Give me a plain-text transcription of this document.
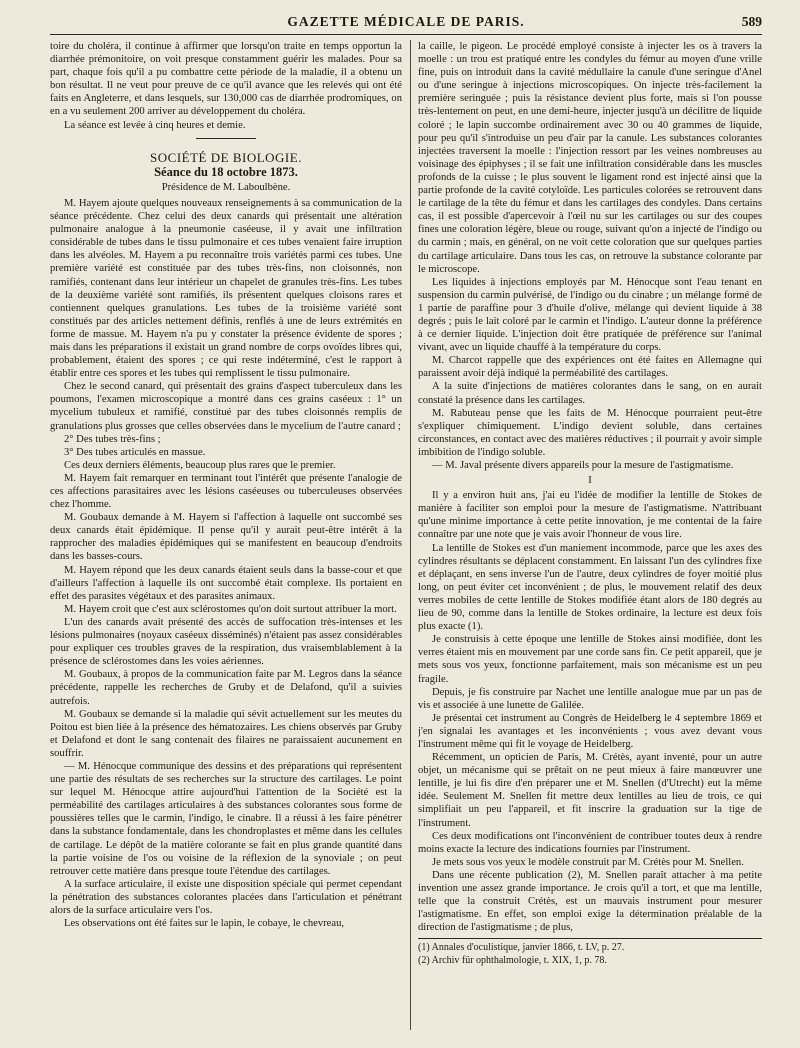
GAZETTE MÉDICALE DE PARIS.	589

toire du choléra, il continue à affirmer que lorsqu'on traite en temps opportun la diarrhée prémonitoire, on voit presque constamment guérir les malades. Pour sa part, chaque fois qu'il a pu combattre cette période de la maladie, il a obtenu un bon résultat. Il ne veut pour preuve de ce qu'il avance que les relevés qui ont été faits en Angleterre, et dans lesquels, sur 130,000 cas de diarrhée prodromiques, on en a vu seulement 200 arriver au développement du choléra.

La séance est levée à cinq heures et demie.

SOCIÉTÉ DE BIOLOGIE.
Séance du 18 octobre 1873.
Présidence de M. Laboulbène.

M. Hayem ajoute quelques nouveaux renseignements à sa communication de la séance précédente. Chez celui des deux canards qui présentait une altération pulmonaire analogue à la pneumonie caséeuse, il y avait une infiltration considérable de tubes dans le tissu pulmonaire et ces tubes venaient faire irruption dans les alvéoles. M. Hayem a pu reconnaître trois variétés parmi ces tubes. Une première variété est constituée par des tubes très-fins, non cloisonnés, non ramifiés, contenant dans leur intérieur un chapelet de granules très-fins. Les tubes de la deuxième variété sont ramifiés, ils présentent quelques cloisons rares et contiennent quelques granulations. Les tubes de la troisième variété sont constitués par des articles nettement définis, renflés à une de leurs extrémités en forme de massue. M. Hayem n'a pu y constater la présence évidente de spores ; mais dans les préparations il existait un grand nombre de corps ovoïdes libres qui, probablement, étaient des spores ; ce qui reste indéterminé, c'est le rapport à établir entre ces spores et les tubes qui remplissent le tissu pulmonaire.

Chez le second canard, qui présentait des grains d'aspect tuberculeux dans les poumons, l'examen microscopique a montré dans ces grains caséeux : 1° un mycelium tubuleux et ramifié, constitué par des tubes cloisonnés remplis de granulations plus grosses que celles observées dans le mycelium de l'autre canard ;

2° Des tubes très-fins ;

3° Des tubes articulés en massue.

Ces deux derniers éléments, beaucoup plus rares que le premier.

M. Hayem fait remarquer en terminant tout l'intérêt que présente l'analogie de ces affections parasitaires avec les lésions caséeuses ou tuberculeuses observées chez l'homme.

M. Goubaux demande à M. Hayem si l'affection à laquelle ont succombé ses deux canards était épidémique. Il pense qu'il y aurait peut-être intérêt à la rapprocher des maladies épidémiques qui se manifestent en beaucoup d'endroits dans les basses-cours.

M. Hayem répond que les deux canards étaient seuls dans la basse-cour et que d'ailleurs l'affection à laquelle ils ont succombé était complexe. Ils portaient en effet des parasites végétaux et des parasites animaux.

M. Hayem croit que c'est aux sclérostomes qu'on doit surtout attribuer la mort.

L'un des canards avait présenté des accès de suffocation très-intenses et les lésions pulmonaires (noyaux caséeux disséminés) n'étaient pas assez considérables pour expliquer ces troubles graves de la respiration, dus vraisemblablement à la présence de sclérostomes dans les voies aériennes.

M. Goubaux, à propos de la communication faite par M. Legros dans la séance précédente, rappelle les recherches de Gruby et de Delafond, qu'il a suivies autrefois.

M. Goubaux se demande si la maladie qui sévit actuellement sur les meutes du Poitou est bien liée à la présence des hématozaires. Les chiens observés par Gruby et Delafond et dont le sang contenait des filaires ne paraissaient aucunement en souffrir.

— M. Hénocque communique des dessins et des préparations qui représentent une partie des résultats de ses recherches sur la structure des cartilages. Le point sur lequel M. Hénocque attire aujourd'hui l'attention de la Société est la perméabilité des cartilages articulaires à des substances colorantes sous forme de poussières telles que le carmin, l'indigo, le cinabre. Il a réussi à les faire pénétrer dans la substance fondamentale, dans les chondroplastes et même dans les cellules de cartilage. Le dépôt de la matière colorante se fait en plus grande quantité dans la partie voisine de l'os ou voisine de la réflexion de la synoviale ; on peut retrouver cette matière dans presque toute l'étendue des cartilages.

A la surface articulaire, il existe une disposition spéciale qui permet cependant la pénétration des substances colorantes placées dans l'articulation et pénétrant alors de la surface articulaire vers l'os.

Les observations ont été faites sur le lapin, le cobaye, le chevreau,

la caille, le pigeon. Le procédé employé consiste à injecter les os à travers la moelle : un trou est pratiqué entre les condyles du fémur au moyen d'une vrille fine, puis on introduit dans la cavité médullaire la canule d'une seringue d'Anel ou d'une seringue à injections microscopiques. On injecte très-facilement la première seringuée ; puis la résistance devient plus forte, mais si l'on pousse très-lentement on peut, en une demi-heure, injecter jusqu'à un décilitre de liquide coloré ; le lapin succombe ordinairement avec 30 ou 40 grammes de liquide, pour peu qu'il s'introduise un peu d'air par la canule. Les substances colorantes injectées traversent la moelle : l'injection ressort par les veines nombreuses au voisinage des épiphyses ; il se fait une infiltration considérable dans les muscles profonds de la cuisse ; le plus souvent le ligament rond est injecté ainsi que la partie profonde de la cavité cotyloïde. Les particules colorées se retrouvent dans le cartilage de la tête du fémur et dans les cartilages des condyles. Dans certains cas, il est possible d'apercevoir à l'œil nu sur les cartilages ou sur des coupes fines une coloration légère, bleue ou rouge, suivant qu'on a injecté de l'indigo ou du carmin ; mais, en général, on ne voit cette coloration que sur quelques parties du cartilage articulaire. Dans tous les cas, on retrouve la substance colorante par le microscope.

Les liquides à injections employés par M. Hénocque sont l'eau tenant en suspension du carmin pulvérisé, de l'indigo ou du cinabre ; un mélange formé de 1 partie de paraffine pour 3 d'huile d'olive, mélange qui devient liquide à 38 degrés ; puis le lait coloré par le carmin et l'indigo. L'auteur donne la préférence à ce dernier liquide. L'injection doit être pratiquée de préférence sur l'animal vivant, avec un liquide chauffé à la température du corps.

M. Charcot rappelle que des expériences ont été faites en Allemagne qui paraissent avoir déjà indiqué la perméabilité des cartilages.

A la suite d'injections de matières colorantes dans le sang, on en aurait constaté la présence dans les cartilages.

M. Rabuteau pense que les faits de M. Hénocque pourraient peut-être s'expliquer chimiquement. L'indigo devient soluble, dans certaines circonstances, en contact avec des matières réductives ; il pourrait y avoir simple imbibition de l'indigo soluble.

— M. Javal présente divers appareils pour la mesure de l'astigmatisme.

I

Il y a environ huit ans, j'ai eu l'idée de modifier la lentille de Stokes de manière à faciliter son emploi pour la mesure de l'astigmatisme. N'attribuant qu'une minime importance à cette petite innovation, je me contentai de la faire connaître par une note que je vais avoir l'honneur de vous lire.

La lentille de Stokes est d'un maniement incommode, parce que les axes des cylindres résultants se déplacent constamment. En laissant l'un des cylindres fixe et déplaçant, en sens inverse l'un de l'autre, deux cylindres de foyer moitié plus long, on peut éviter cet inconvénient ; de plus, le mouvement relatif des deux verres mobiles de cette lentille de Stokes modifiée étant alors de 180 degrés au lieu de 90, comme dans la lentille de Stokes ordinaire, la lecture est deux fois plus exacte (1).

Je construisis à cette époque une lentille de Stokes ainsi modifiée, dont les verres étaient mis en mouvement par une corde sans fin. Ce petit appareil, que je mets sous vos yeux, fonctionne parfaitement, mais son mécanisme est un peu fragile.

Depuis, je fis construire par Nachet une lentille analogue mue par un pas de vis et associée à une lunette de Galilée.

Je présentai cet instrument au Congrès de Heidelberg le 4 septembre 1869 et j'en signalai les avantages et les inconvénients ; vous avez devant vous l'instrument même qui fit le voyage de Heidelberg.

Récemment, un opticien de Paris, M. Crétès, ayant inventé, pour un autre objet, un mécanisme qui se prêtait on ne peut mieux à faire manœuvrer une lentille, je lui fis dire d'en préparer une et M. Snellen (d'Utrecht) eut la même idée. Seulement M. Snellen fit mettre deux lentilles au lieu de trois, ce qui simplifiait un peu l'appareil, et fit inscrire la graduation sur la tige de l'instrument.

Ces deux modifications ont l'inconvénient de contribuer toutes deux à rendre moins exacte la lecture des indications fournies par l'instrument.

Je mets sous vos yeux le modèle construit par M. Crétès pour M. Snellen.

Dans une récente publication (2), M. Snellen paraît attacher à ma petite invention une assez grande importance. Je crois qu'il a tort, et que ma lentille, telle que la construit Crétès, est un mauvais instrument pour mesurer l'astigmatisme. En effet, son emploi exige la détermination préalable de la direction de l'astigmatisme ; de plus,

(1) Annales d'oculistique, janvier 1866, t. LV, p. 27.

(2) Archiv für ophthalmologie, t. XIX, 1, p. 78.
